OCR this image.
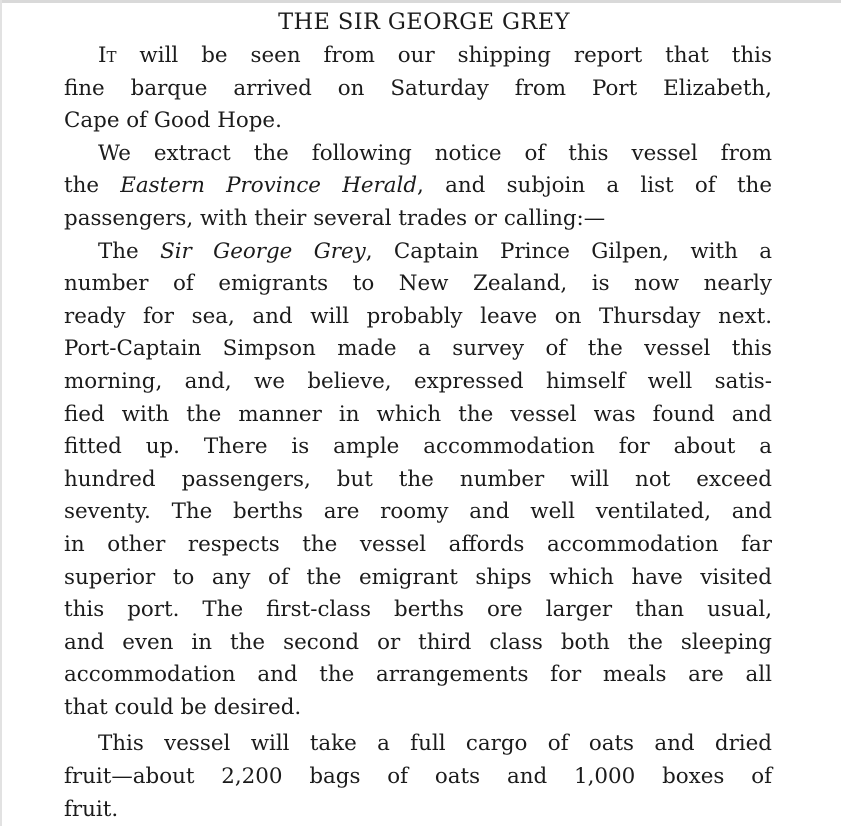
THE SIR GEORGE GREY
It will be seen from our shipping report that this
fine barque arrived on Saturday from Port Elizabeth,
Cape of Good Hope.
We extract the following notice of this vessel from
the Eastern Province Herald, and subjoin a list of the
passengers, with their several trades or calling:—
The Sir George Grey, Captain Prince Gilpen, with a
number of emigrants to New Zealand, is now nearly
ready for sea, and will probably leave on Thursday next.
Port-Captain Simpson made a survey of the vessel this
morning, and, we believe, expressed himself well satis-
fied with the manner in which the vessel was found and
fitted up. There is ample accommodation for about a
hundred passengers, but the number will not exceed
seventy. The berths are roomy and well ventilated, and
in other respects the vessel affords accommodation far
superior to any of the emigrant ships which have visited
this port. The first-class berths ore larger than usual,
and even in the second or third class both the sleeping
accommodation and the arrangements for meals are all
that could be desired.
This vessel will take a full cargo of oats and dried
fruit—about 2,200 bags of oats and 1,000 boxes of
fruit.
